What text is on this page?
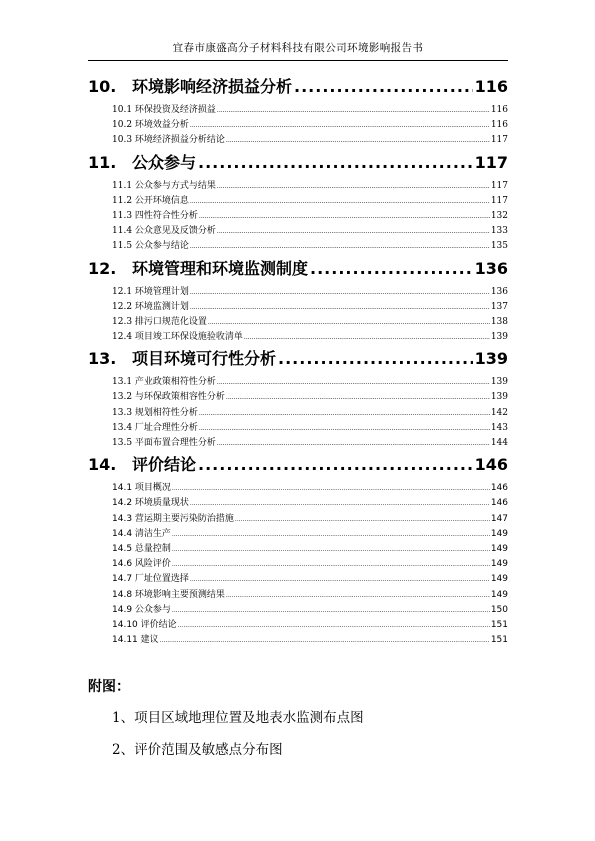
宜春市康盛高分子材料科技有限公司环境影响报告书
10. 环境影响经济损益分析 .....	116
10.1 环保投资及经济损益 .....	116
10.2 环境效益分析 .....	116
10.3 环境经济损益分析结论 .....	117
11. 公众参与 .....	117
11.1 公众参与方式与结果 .....	117
11.2 公开环境信息 .....	117
11.3 四性符合性分析 .....	132
11.4 公众意见及反馈分析 .....	133
11.5 公众参与结论 .....	135
12. 环境管理和环境监测制度 .....	136
12.1 环境管理计划 .....	136
12.2 环境监测计划 .....	137
12.3 排污口规范化设置 .....	138
12.4 项目竣工环保设施验收清单 .....	139
13. 项目环境可行性分析 .....	139
13.1 产业政策相符性分析 .....	139
13.2 与环保政策相容性分析 .....	139
13.3 规划相符性分析 .....	142
13.4 厂址合理性分析 .....	143
13.5 平面布置合理性分析 .....	144
14. 评价结论 .....	146
14.1 项目概况 .....	146
14.2 环境质量现状 .....	146
14.3 营运期主要污染防治措施 .....	147
14.4 清洁生产 .....	149
14.5 总量控制 .....	149
14.6 风险评价 .....	149
14.7 厂址位置选择 .....	149
14.8 环境影响主要预测结果 .....	149
14.9 公众参与 .....	150
14.10 评价结论 .....	151
14.11 建议 .....	151
附图：
1、项目区域地理位置及地表水监测布点图
2、评价范围及敏感点分布图
